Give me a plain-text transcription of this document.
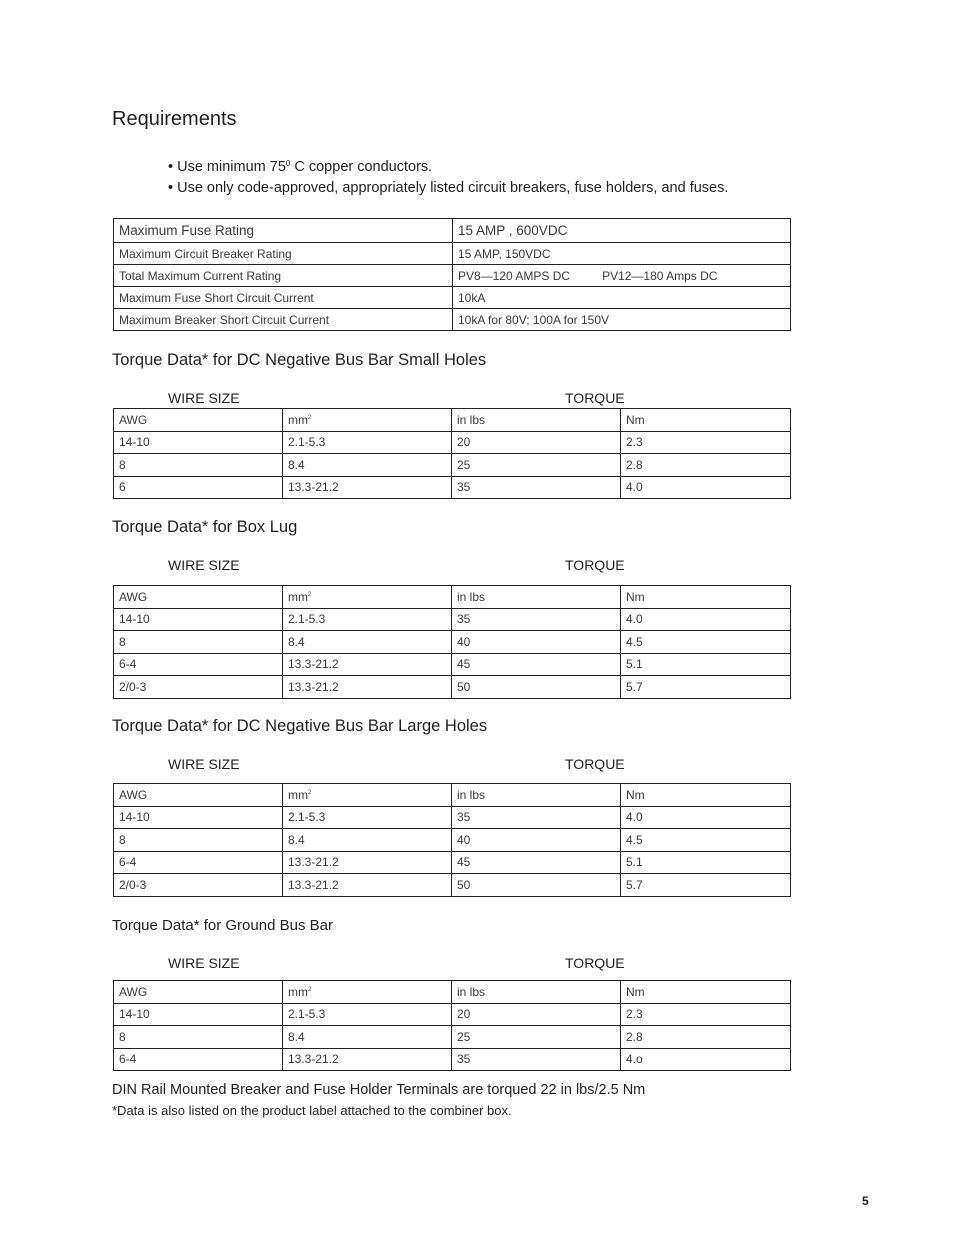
Requirements
• Use minimum $75^0$ C copper conductors.
• Use only code-approved, appropriately listed circuit breakers, fuse holders, and fuses.
Maximum Fuse Rating	15 AMP , 600VDC
Maximum Circuit Breaker Rating	15 AMP, 150VDC
Total Maximum Current Rating	PV8—120 AMPS DC PV12—180 Amps DC
Maximum Fuse Short Circuit Current	10kA
Maximum Breaker Short Circuit Current	10kA for 80V; 100A for 150V
Torque Data* for DC Negative Bus Bar Small Holes
WIRE SIZE	TORQUE
AWG	$mm^2$	in lbs	Nm
14-10	2.1-5.3	20	2.3
8	8.4	25	2.8
6	13.3-21.2	35	4.0
Torque Data* for Box Lug
WIRE SIZE	TORQUE
AWG	$mm^2$	in lbs	Nm
14-10	2.1-5.3	35	4.0
8	8.4	40	4.5
6-4	13.3-21.2	45	5.1
2/0-3	13.3-21.2	50	5.7
Torque Data* for DC Negative Bus Bar Large Holes
WIRE SIZE	TORQUE
AWG	$mm^2$	in lbs	Nm
14-10	2.1-5.3	35	4.0
8	8.4	40	4.5
6-4	13.3-21.2	45	5.1
2/0-3	13.3-21.2	50	5.7
Torque Data* for Ground Bus Bar
WIRE SIZE	TORQUE
AWG	$mm^2$	in lbs	Nm
14-10	2.1-5.3	20	2.3
8	8.4	25	2.8
6-4	13.3-21.2	35	4.o
DIN Rail Mounted Breaker and Fuse Holder Terminals are torqued 22 in lbs/2.5 Nm
*Data is also listed on the product label attached to the combiner box.
5
